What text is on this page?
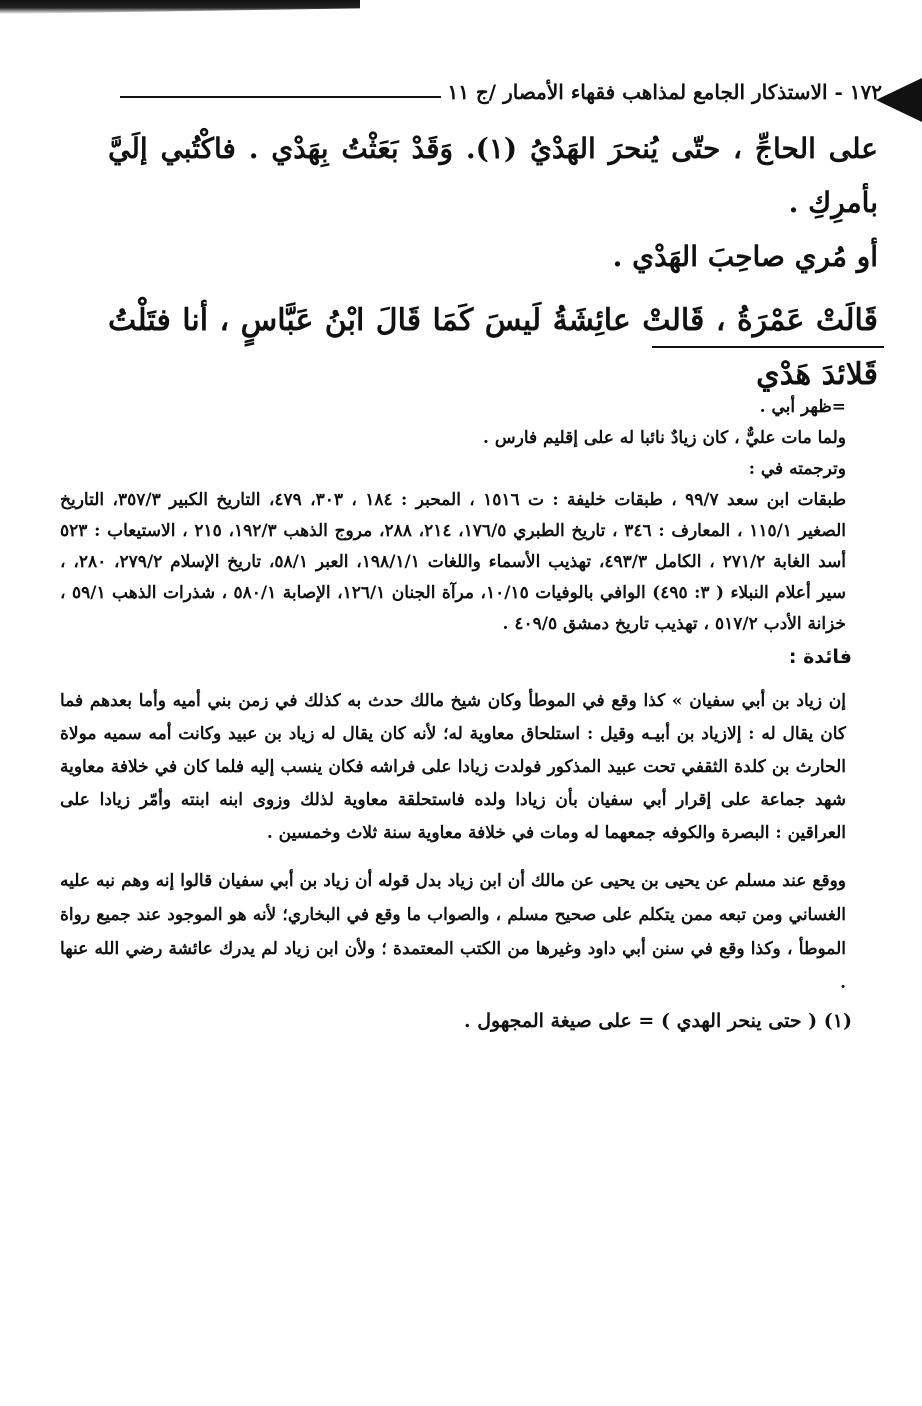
١٧٢ - الاستذكار الجامع لمذاهب فقهاء الأمصار /ج ١١

على الحاجِّ ، حتّى يُنحرَ الهَدْيُ (١). وَقَدْ بَعَثْتُ بِهَدْي . فاكْتُبي إلَيَّ بأمرِكِ .

أو مُري صاحِبَ الهَدْي .

قَالَتْ عَمْرَةُ ، قَالتْ عائِشَةُ لَيسَ كَمَا قَالَ ابْنُ عَبَّاسٍ ، أنا فتَلْتُ قَلائدَ هَدْي

=ظهر أبي .

ولما مات عليٌّ ، كان زيادٌ نائبا له على إقليم فارس .

وترجمته في :

طبقات ابن سعد ٩٩/٧ ، طبقات خليفة : ت ١٥١٦ ، المحبر : ١٨٤ ، ٣٠٣، ٤٧٩، التاريخ الكبير ٣٥٧/٣، التاريخ الصغير ١١٥/١ ، المعارف : ٣٤٦ ، تاريخ الطبري ١٧٦/٥، ٢١٤، ٢٨٨، مروج الذهب ١٩٢/٣، ٢١٥ ، الاستيعاب : ٥٢٣ أسد الغابة ٢٧١/٢ ، الكامل ٤٩٣/٣، تهذيب الأسماء واللغات ١٩٨/١/١، العبر ٥٨/١، تاريخ الإسلام ٢٧٩/٢، ٢٨٠، ، سير أعلام النبلاء ( ٣: ٤٩٥) الوافي بالوفيات ١٠/١٥، مرآة الجنان ١٢٦/١، الإصابة ٥٨٠/١ ، شذرات الذهب ٥٩/١ ، خزانة الأدب ٥١٧/٢ ، تهذيب تاريخ دمشق ٤٠٩/٥ .

فائدة :

إن زياد بن أبي سفيان » كذا وقع في الموطأ وكان شيخ مالك حدث به كذلك في زمن بني أميه وأما بعدهم فما كان يقال له : إلازياد بن أبيـه وقيل : استلحاق معاوية له؛ لأنه كان يقال له زياد بن عبيد وكانت أمه سميه مولاة الحارث بن كلدة الثقفي تحت عبيد المذكور فولدت زيادا على فراشه فكان ينسب إليه فلما كان في خلافة معاوية شهد جماعة على إقرار أبي سفيان بأن زيادا ولده فاستحلقة معاوية لذلك وزوى ابنه ابنته وأمّر زيادا على العراقين : البصرة والكوفه جمعهما له ومات في خلافة معاوية سنة ثلاث وخمسين .

ووقع عند مسلم عن يحيى بن يحيى عن مالك أن ابن زياد بدل قوله أن زياد بن أبي سفيان قالوا إنه وهم نبه عليه الغساني ومن تبعه ممن يتكلم على صحيح مسلم ، والصواب ما وقع في البخاري؛ لأنه هو الموجود عند جميع رواة الموطأ ، وكذا وقع في سنن أبي داود وغيرها من الكتب المعتمدة ؛ ولأن ابن زياد لم يدرك عائشة رضي الله عنها .

(١) ( حتى ينحر الهدي ) = على صيغة المجهول .
